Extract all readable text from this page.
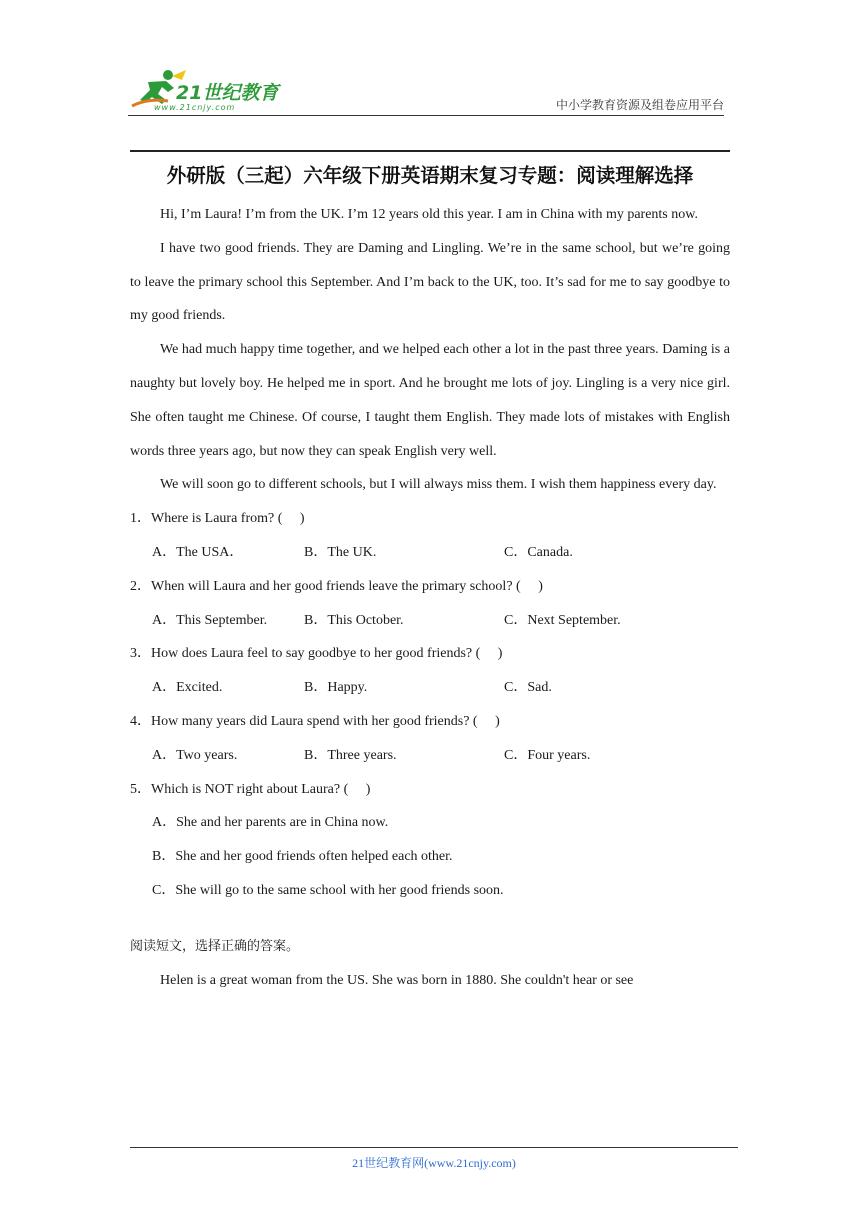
21世纪教育
www.21cnjy.com	中小学教育资源及组卷应用平台
外研版（三起）六年级下册英语期末复习专题：阅读理解选择

Hi, I’m Laura! I’m from the UK. I’m 12 years old this year. I am in China with my parents now.

I have two good friends. They are Daming and Lingling. We’re in the same school, but we’re going to leave the primary school this September. And I’m back to the UK, too. It’s sad for me to say goodbye to my good friends.

We had much happy time together, and we helped each other a lot in the past three years. Daming is a naughty but lovely boy. He helped me in sport. And he brought me lots of joy. Lingling is a very nice girl. She often taught me Chinese. Of course, I taught them English. They made lots of mistakes with English words three years ago, but now they can speak English very well.

We will soon go to different schools, but I will always miss them. I wish them happiness every day.

1．Where is Laura from? (　 )

A．The USA．	B．The UK.	C．Canada.

2．When will Laura and her good friends leave the primary school? (　 )

A．This September.	B．This October.	C．Next September.

3．How does Laura feel to say goodbye to her good friends? (　 )

A．Excited.	B．Happy.	C．Sad.

4．How many years did Laura spend with her good friends? (　 )

A．Two years.	B．Three years.	C．Four years.

5．Which is NOT right about Laura? (　 )

A．She and her parents are in China now.

B．She and her good friends often helped each other.

C．She will go to the same school with her good friends soon.

阅读短文，选择正确的答案。

Helen is a great woman from the US. She was born in 1880. She couldn't hear or see

21世纪教育网(www.21cnjy.com)
